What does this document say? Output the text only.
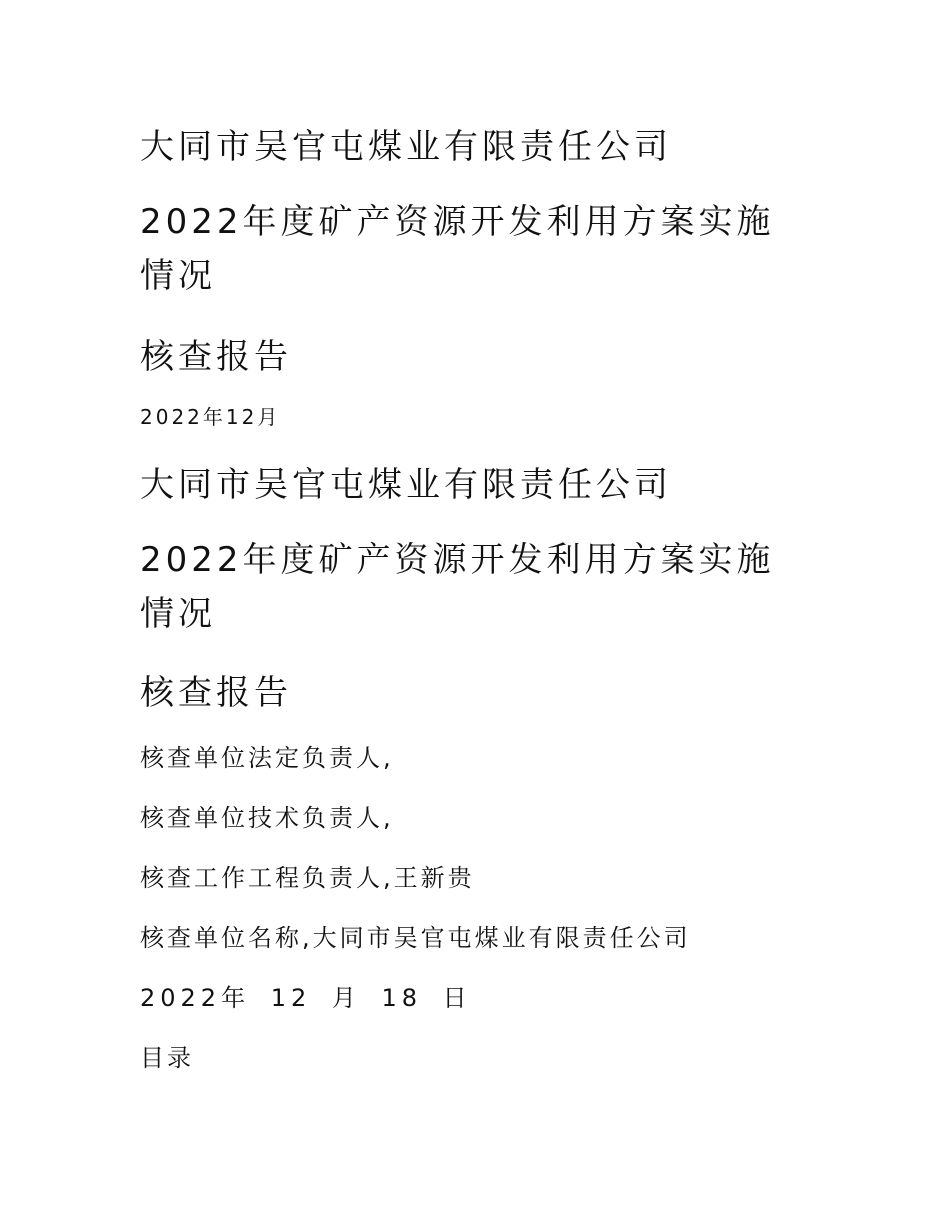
大同市吴官屯煤业有限责任公司
2022年度矿产资源开发利用方案实施情况
核查报告

2022年12月

大同市吴官屯煤业有限责任公司
2022年度矿产资源开发利用方案实施情况
核查报告

核查单位法定负责人,

核查单位技术负责人,

核查工作工程负责人,王新贵

核查单位名称,大同市吴官屯煤业有限责任公司

2022年 12 月 18 日

目录
